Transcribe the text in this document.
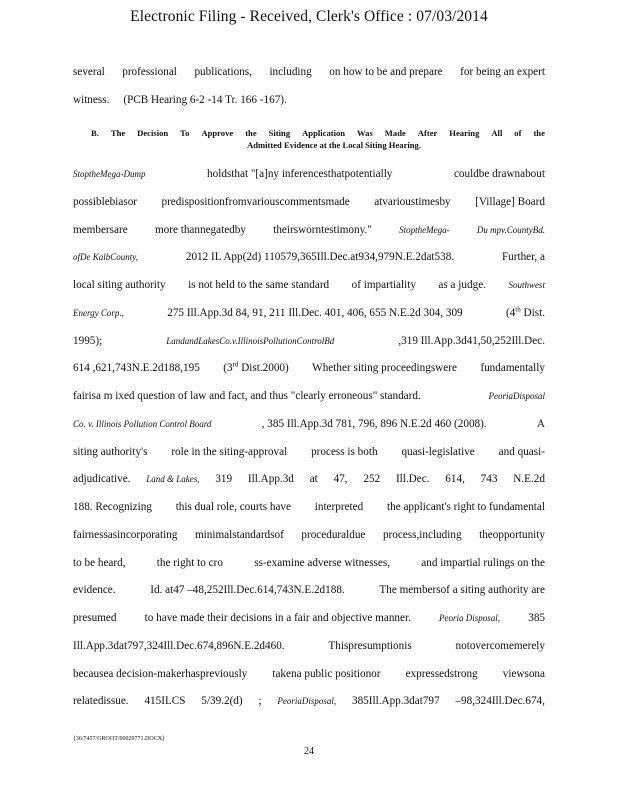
Electronic Filing - Received, Clerk's Office : 07/03/2014
B. The Decision To Approve the Siting Application Was Made After Hearing All of the
Admitted Evidence at the Local Siting Hearing.
several professional publications, including on how to be and prepare for being an expert
witness. (PCB Hearing 6-2 -14 Tr. 166 -167).
StoptheMega-Dump	holdsthat "[a]ny inferencesthatpotentially	couldbe drawnabout
possiblebiasor predispositionfromvariouscommentsmade atvarioustimesby [Village] Board
membersare more thannegatedby theirsworntestimony."	StoptheMega-	Du mpv.CountyBd.
ofDe KalbCounty,	2012 IL App(2d) 110579,365Ill.Dec.at934,979N.E.2dat538.	Further, a
local siting authority is not held to the same standard of impartiality as a judge. Southwest
Energy Corp.,	275 Ill.App.3d 84, 91, 211 Ill.Dec. 401, 406, 655 N.E.2d 304, 309	(4th Dist.
1995);	LandandLakesCo.v.IllinoisPollutionControlBd	,319 Ill.App.3d41,50,252Ill.Dec.
614 ,621,743N.E.2d188,195 (3rd Dist.2000) Whether siting proceedingswere fundamentally
fairisa m ixed question of law and fact, and thus "clearly erroneous" standard.	PeoriaDisposal
Co. v. Illinois Pollution Control Board	, 385 Ill.App.3d 781, 796, 896 N.E.2d 460 (2008).	A
siting authority's role in the siting-approval process is both quasi-legislative and quasi-
adjudicative. Land & Lakes, 319 Ill.App.3d at 47, 252 Ill.Dec. 614, 743 N.E.2d
188. Recognizing this dual role, courts have interpreted the applicant's right to fundamental
fairnessasincorporating minimalstandardsof proceduraldue process,including theopportunity
to be heard,	the right to cro	ss-examine adverse witnesses,	and impartial rulings on the
evidence.	Id. at47 –48,252Ill.Dec.614,743N.E.2d188.	The membersof a siting authority are
presumed	to have made their decisions in a fair and objective manner.	Peoria Disposal,	385
Ill.App.3dat797,324Ill.Dec.674,896N.E.2d460.	Thispresumptionis	notovercomemerely
becausea decision-makerhaspreviously takena public positionor expressedstrong viewsona
relatedissue. 415ILCS 5/39.2(d) ; PeoriaDisposal, 385Ill.App.3dat797 –98,324Ill.Dec.674,
{36/7457/GROOT/00029771.DOCX}
24
